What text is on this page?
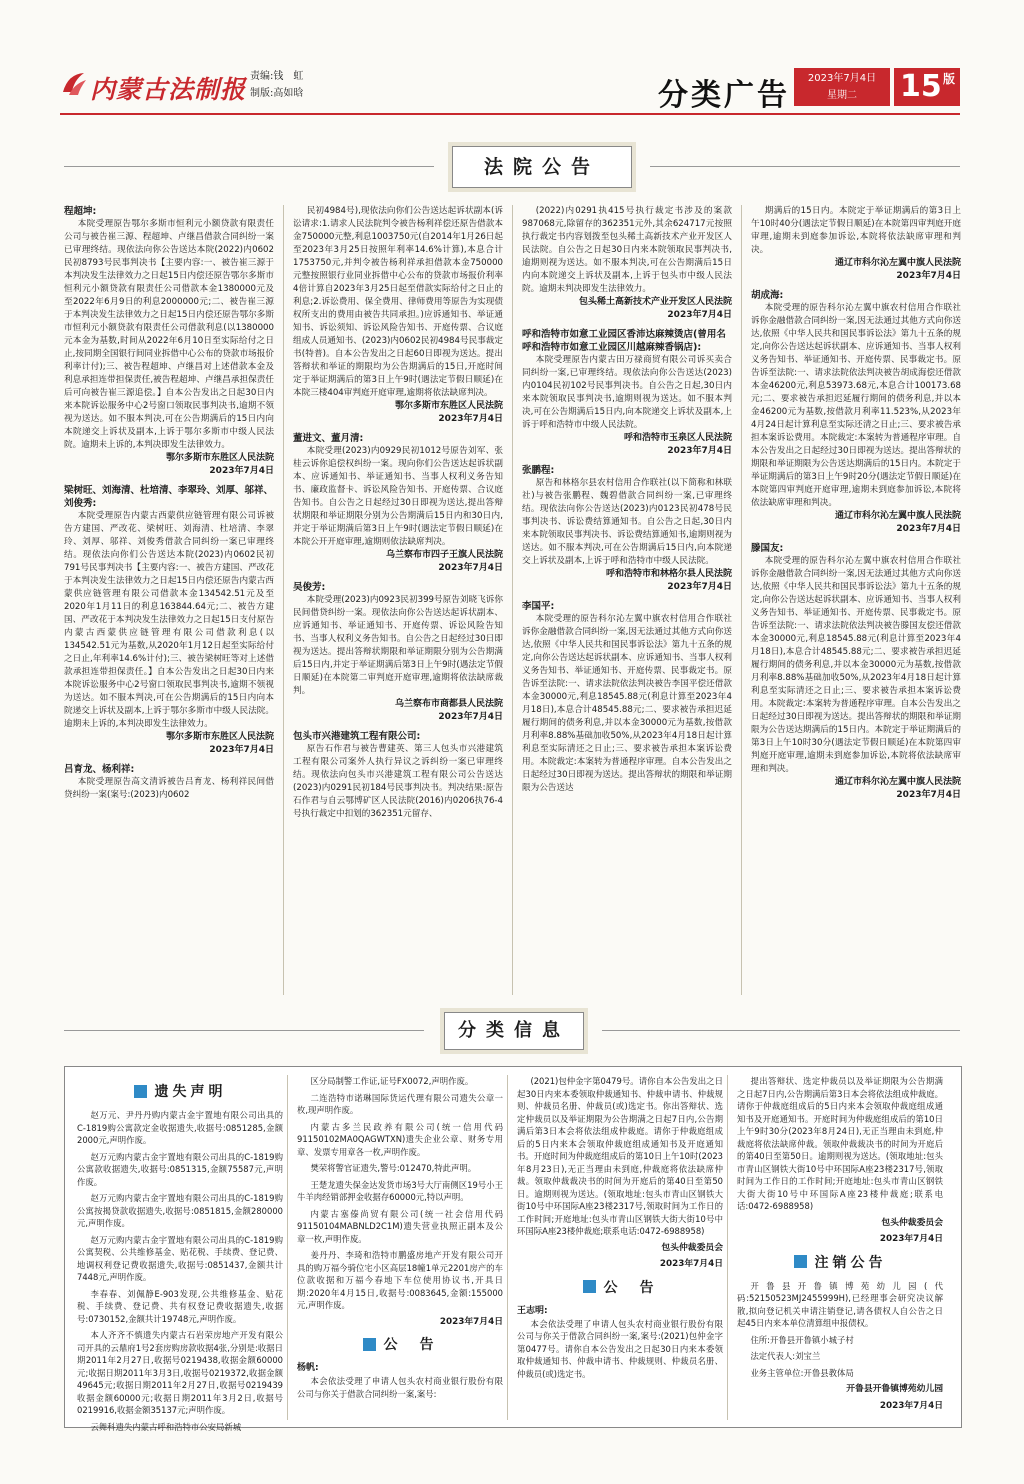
内蒙古法制报 责编:钱　虹
制版:高如晗	分类广告	2023年7月4日
星期二	15 版
法院公告
程超坤:
本院受理原告鄂尔多斯市恒利元小额贷款有限责任公司与被告崔三源、程超坤、卢继昌借款合同纠纷一案已审理终结。现依法向你公告送达本院(2022)内0602民初8793号民事判决书【主要内容:一、被告崔三源于本判决发生法律效力之日起15日内偿还原告鄂尔多斯市恒利元小额贷款有限责任公司借款本金1380000元及至2022年6月9日的利息2000000元;二、被告崔三源于本判决发生法律效力之日起15日内偿还原告鄂尔多斯市恒利元小额贷款有限责任公司借款利息(以1380000元本金为基数,时间从2022年6月10日至实际给付之日止,按同期全国银行间同业拆借中心公布的贷款市场报价利率计付);三、被告程超坤、卢继昌对上述借款本金及利息承担连带担保责任,被告程超坤、卢继昌承担保责任后可向被告崔三源追偿。】自本公告发出之日起30日内来本院诉讼服务中心2号窗口领取民事判决书,逾期不领视为送达。如不服本判决,可在公告期满后的15日内向本院递交上诉状及副本,上诉于鄂尔多斯市中级人民法院。逾期未上诉的,本判决即发生法律效力。
鄂尔多斯市东胜区人民法院
2023年7月4日
梁树旺、刘海清、杜培清、李翠玲、刘厚、邬祥、刘俊秀:
本院受理原告内蒙古西蒙供应链管理有限公司诉被告方建国、严改花、梁树旺、刘海清、杜培清、李翠玲、刘厚、邬祥、刘俊秀借款合同纠纷一案已审理终结。现依法向你们公告送达本院(2023)内0602民初791号民事判决书【主要内容:一、被告方建国、严改花于本判决发生法律效力之日起15日内偿还原告内蒙古西蒙供应链管理有限公司借款本金134542.51元及至2020年1月11日的利息163844.64元;二、被告方建国、严改花于本判决发生法律效力之日起15日支付原告内蒙古西蒙供应链管理有限公司借款利息(以134542.51元为基数,从2020年1月12日起至实际给付之日止,年利率14.6%计付);三、被告梁树旺等对上述借款承担连带担保责任。】自本公告发出之日起30日内来本院诉讼服务中心2号窗口领取民事判决书,逾期不领视为送达。如不服本判决,可在公告期满后的15日内向本院递交上诉状及副本,上诉于鄂尔多斯市中级人民法院。逾期未上诉的,本判决即发生法律效力。
鄂尔多斯市东胜区人民法院
2023年7月4日
吕育龙、杨利祥:
本院受理原告高文清诉被告吕育龙、杨利祥民间借贷纠纷一案(案号:(2023)内0602
民初4984号),现依法向你们公告送达起诉状副本(诉讼请求:1.请求人民法院判令被告杨利祥偿还原告借款本金750000元整,利息1003750元(自2014年1月26日起至2023年3月25日按照年利率14.6%计算),本息合计1753750元,并判令被告杨利祥承担借款本金750000元整按照银行业同业拆借中心公布的贷款市场报价利率4倍计算自2023年3月25日起至借款实际给付之日止的利息;2.诉讼费用、保全费用、律师费用等原告为实现债权所支出的费用由被告共同承担。)应诉通知书、举证通知书、诉讼须知、诉讼风险告知书、开庭传票、合议庭组成人员通知书、(2023)内0602民初4984号民事裁定书(特普)。自本公告发出之日起60日即视为送达。提出答辩状和举证的期限均为公告期满后的15日,开庭时间定于举证期满后的第3日上午9时(遇法定节假日顺延)在本院三楼404审判庭开庭审理,逾期将依法缺席判决。
鄂尔多斯市东胜区人民法院
2023年7月4日
董进文、董月清:
本院受理(2023)内0929民初1012号原告刘军、张桂云诉你追偿权纠纷一案。现向你们公告送达起诉状副本、应诉通知书、举证通知书、当事人权利义务告知书、廉政监督卡、诉讼风险告知书、开庭传票、合议庭告知书。自公告之日起经过30日即视为送达,提出答辩状期限和举证期限分别为公告期满后15日内和30日内,并定于举证期满后第3日上午9时(遇法定节假日顺延)在本院公开开庭审理,逾期则依法缺席判决。
乌兰察布市四子王旗人民法院
2023年7月4日
吴俊芳:
本院受理(2023)内0923民初399号原告刘晓飞诉你民间借贷纠纷一案。现依法向你公告送达起诉状副本、应诉通知书、举证通知书、开庭传票、诉讼风险告知书、当事人权利义务告知书。自公告之日起经过30日即视为送达。提出答辩状期限和举证期限分别为公告期满后15日内,并定于举证期满后第3日上午9时(遇法定节假日顺延)在本院第二审判庭开庭审理,逾期将依法缺席裁判。
乌兰察布市商都县人民法院
2023年7月4日
包头市兴港建筑工程有限公司:
原告石作君与被告曹建英、第三人包头市兴港建筑工程有限公司案外人执行异议之诉纠纷一案已审理终结。现依法向包头市兴港建筑工程有限公司公告送达(2023)内0291民初184号民事判决书。判决结果:原告石作君与自云鄂博矿区人民法院(2016)内0206执76-4号执行裁定中扣划的362351元留存、
(2022)内0291执415号执行裁定书涉及的案款987068元,除留存的362351元外,其余624717元按照执行裁定书内容划拨至包头稀土高新技术产业开发区人民法院。自公告之日起30日内来本院领取民事判决书,逾期则视为送达。如不服本判决,可在公告期满后15日内向本院递交上诉状及副本,上诉于包头市中级人民法院。逾期未判决即发生法律效力。
包头稀土高新技术产业开发区人民法院
2023年7月4日
呼和浩特市如意工业园区香沛达麻辣烫店(曾用名呼和浩特市如意工业园区川越麻辣香锅店):
本院受理原告内蒙古田万禄商贸有限公司诉买卖合同纠纷一案,已审理终结。现依法向你公告送达(2023)内0104民初102号民事判决书。自公告之日起,30日内来本院领取民事判决书,逾期则视为送达。如不服本判决,可在公告期满后15日内,向本院递交上诉状及副本,上诉于呼和浩特市中级人民法院。
呼和浩特市玉泉区人民法院
2023年7月4日
张鹏程:
原告和林格尔县农村信用合作联社(以下简称和林联社)与被告张鹏程、魏碧借款合同纠纷一案,已审理终结。现依法向你公告送达(2023)内0123民初478号民事判决书、诉讼费结算通知书。自公告之日起,30日内来本院领取民事判决书、诉讼费结算通知书,逾期则视为送达。如不服本判决,可在公告期满后15日内,向本院递交上诉状及副本,上诉于呼和浩特市中级人民法院。
呼和浩特市和林格尔县人民法院
2023年7月4日
李国平:
本院受理的原告科尔沁左翼中旗农村信用合作联社诉你金融借款合同纠纷一案,因无法通过其他方式向你送达,依照《中华人民共和国民事诉讼法》第九十五条的规定,向你公告送达起诉状副本、应诉通知书、当事人权利义务告知书、举证通知书、开庭传票、民事裁定书。原告诉至法院:一、请求法院依法判决被告李国平偿还借款本金30000元,利息18545.88元(利息计算至2023年4月18日),本息合计48545.88元;二、要求被告承担迟延履行期间的债务利息,并以本金30000元为基数,按借款月利率8.88%基础加收50%,从2023年4月18日起计算利息至实际清还之日止;三、要求被告承担本案诉讼费用。本院裁定:本案转为普通程序审理。自本公告发出之日起经过30日即视为送达。提出答辩状的期限和举证期限为公告送达
期满后的15日内。本院定于举证期满后的第3日上午10时40分(遇法定节假日顺延)在本院第四审判庭开庭审理,逾期未到庭参加诉讼,本院将依法缺席审理和判决。
通辽市科尔沁左翼中旗人民法院
2023年7月4日
胡成海:
本院受理的原告科尔沁左翼中旗农村信用合作联社诉你金融借款合同纠纷一案,因无法通过其他方式向你送达,依照《中华人民共和国民事诉讼法》第九十五条的规定,向你公告送达起诉状副本、应诉通知书、当事人权利义务告知书、举证通知书、开庭传票、民事裁定书。原告诉至法院:一、请求法院依法判决被告胡成海偿还借款本金46200元,利息53973.68元,本息合计100173.68元;二、要求被告承担迟延履行期间的债务利息,并以本金46200元为基数,按借款月利率11.523%,从2023年4月24日起计算利息至实际还清之日止;三、要求被告承担本案诉讼费用。本院裁定:本案转为普通程序审理。自本公告发出之日起经过30日即视为送达。提出答辩状的期限和举证期限为公告送达期满后的15日内。本院定于举证期满后的第3日上午9时20分(遇法定节假日顺延)在本院第四审判庭开庭审理,逾期未到庭参加诉讼,本院将依法缺席审理和判决。
通辽市科尔沁左翼中旗人民法院
2023年7月4日
滕国友:
本院受理的原告科尔沁左翼中旗农村信用合作联社诉你金融借款合同纠纷一案,因无法通过其他方式向你送达,依照《中华人民共和国民事诉讼法》第九十五条的规定,向你公告送达起诉状副本、应诉通知书、当事人权利义务告知书、举证通知书、开庭传票、民事裁定书。原告诉至法院:一、请求法院依法判决被告滕国友偿还借款本金30000元,利息18545.88元(利息计算至2023年4月18日),本息合计48545.88元;二、要求被告承担迟延履行期间的债务利息,并以本金30000元为基数,按借款月利率8.88%基础加收50%,从2023年4月18日起计算利息至实际清还之日止;三、要求被告承担本案诉讼费用。本院裁定:本案转为普通程序审理。自本公告发出之日起经过30日即视为送达。提出答辩状的期限和举证期限为公告送达期满后的15日内。本院定于举证期满后的第3日上午10时30分(遇法定节假日顺延)在本院第四审判庭开庭审理,逾期未到庭参加诉讼,本院将依法缺席审理和判决。
通辽市科尔沁左翼中旗人民法院
2023年7月4日
分类信息
遗失声明
赵万元、尹丹丹购内蒙古金宇置地有限公司出具的C-1819购公寓款定金收据遗失,收据号:0851285,金额2000元,声明作废。
赵万元购内蒙古金宇置地有限公司出具的C-1819购公寓款收据遗失,收据号:0851315,金额75587元,声明作废。
赵万元购内蒙古金宇置地有限公司出具的C-1819购公寓按揭贷款收据遗失,收据号:0851815,金额280000元,声明作废。
赵万元购内蒙古金宇置地有限公司出具的C-1819购公寓契税、公共维修基金、贴花税、手续费、登记费、地调权利登记费收据遗失,收据号:0851437,金额共计7448元,声明作废。
李春春、刘佩静E-903发现,公共维修基金、贴花税、手续费、登记费、共有权登记费收据遗失,收据号:0730152,金额共计19748元,声明作废。
本人齐齐不慎遗失内蒙古石岩荣房地产开发有限公司开具的云鼎府1号2套房购房款收据4张,分别是:收据日期2011年2月27日,收据号0219438,收据金额60000元;收据日期2011年3月3日,收据号0219372,收据金额49645元;收据日期2011年2月27日,收据号0219439收据金额60000元;收据日期2011年3月2日,收据号0219916,收据金额35137元;声明作废。
云舞科遗失内蒙古呼和浩特市公安局新城
区分局制警工作证,证号FX0072,声明作废。
二连浩特市诺琳国际货运代理有限公司遗失公章一枚,现声明作废。
内蒙古多兰民政养有限公司(统一信用代码91150102MA0QAGWTXN)遗失企业公章、财务专用章、发票专用章各一枚,声明作废。
樊荣将警官证遗失,警号:012470,特此声明。
王楚龙遗失保金达发货市场3号大厅南侧区19号小王牛羊肉经销部押金收据存60000元,特以声明。
内蒙古塞傣尚贸有限公司(统一社会信用代码91150104MABNLD2C1M)遗失营业执照正副本及公章一枚,声明作废。
姜丹丹、李琦和浩特市鹏盛房地产开发有限公司开具的购万福今骑位宅小区高层18幢1单元2201房产的车位款收据和万福今春地下车位使用协议书,开具日期:2020年4月15日,收据号:0083645,金额:155000元,声明作废。
2023年7月4日
公　告
杨帆:
本会依法受理了申请人包头农村商业银行股份有限公司与你关于借款合同纠纷一案,案号:
(2021)包仲金字第0479号。请你自本公告发出之日起30日内来本委领取仲裁通知书、仲裁申请书、仲裁规则、仲裁员名册、仲裁员(或)选定书。你出答辩状、选定仲裁员以及举证期限为公告期满之日起7日内,公告期满后第3日本会将依法组成仲裁庭。请你于仲裁庭组成后的5日内来本会领取仲裁庭组成通知书及开庭通知书。开庭时间为仲裁庭组成后的第10日上午10时(2023年8月23日),无正当理由未到庭,仲裁庭将依法缺席仲裁。领取仲裁裁决书的时间为开庭后的第40日至第50日。逾期则视为送达。(领取地址:包头市青山区钢铁大街10号中环国际A座23楼2317号,领取时间为工作日的工作时间;开庭地址:包头市青山区钢铁大街大街10号中环国际A座23楼仲裁庭;联系电话:0472-6988958)
包头仲裁委员会
2023年7月4日
公　告
王志明:
本会依法受理了申请人包头农村商业银行股份有限公司与你关于借款合同纠纷一案,案号:(2021)包仲金字第0477号。请你自本公告发出之日起30日内来本委领取仲裁通知书、仲裁申请书、仲裁规则、仲裁员名册、仲裁员(或)选定书。
提出答辩状、选定仲裁员以及举证期限为公告期满之日起7日内,公告期满后第3日本会将依法组成仲裁庭。请你于仲裁庭组成后的5日内来本会领取仲裁庭组成通知书及开庭通知书。开庭时间为仲裁庭组成后的第10日上午9时30分(2023年8月24日),无正当理由未到庭,仲裁庭将依法缺席仲裁。领取仲裁裁决书的时间为开庭后的第40日至第50日。逾期则视为送达。(领取地址:包头市青山区钢铁大街10号中环国际A座23楼2317号,领取时间为工作日的工作时间;开庭地址:包头市青山区钢铁大街大街10号中环国际A座23楼仲裁庭;联系电话:0472-6988958)
包头仲裁委员会
2023年7月4日
注销公告
开鲁县开鲁镇博苑幼儿园(代码:52150523MJ2455999H),已经理事会研究决议解散,拟向登记机关申请注销登记,请各债权人自公告之日起45日内来本单位清算组申报债权。
住所:开鲁县开鲁镇小城子村
法定代表人:刘宝兰
业务主管单位:开鲁县教体局
开鲁县开鲁镇博苑幼儿园
2023年7月4日
